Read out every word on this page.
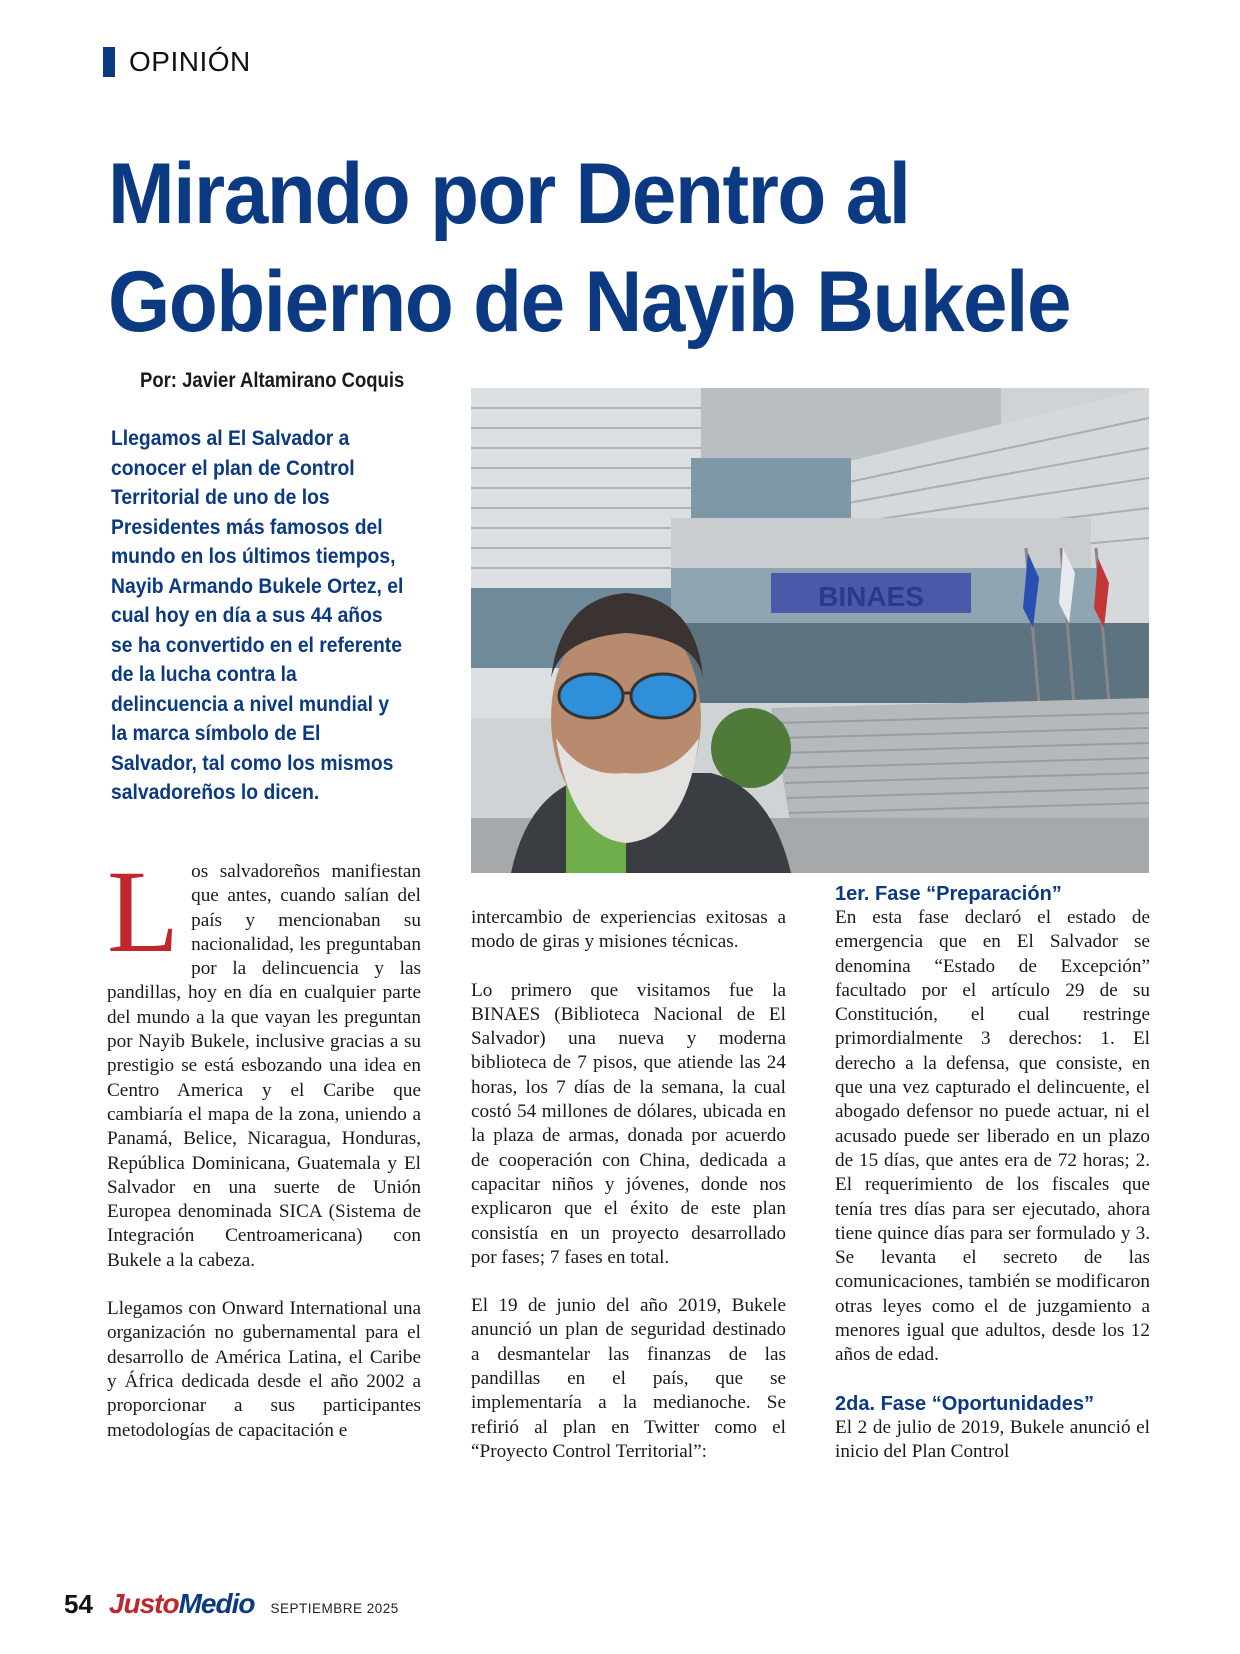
OPINIÓN
Mirando por Dentro al
Gobierno de Nayib Bukele
Por: Javier Altamirano Coquis
Llegamos al El Salvador a conocer el plan de Control Territorial de uno de los Presidentes más famosos del mundo en los últimos tiempos, Nayib Armando Bukele Ortez, el cual hoy en día a sus 44 años se ha convertido en el referente de la lucha contra la delincuencia a nivel mundial y la marca símbolo de El Salvador, tal como los mismos salvadoreños lo dicen.
BINAES
L os salvadoreños manifiestan que antes, cuando salían del país y mencionaban su nacionalidad, les preguntaban por la delincuencia y las pandillas, hoy en día en cualquier parte del mundo a la que vayan les preguntan por Nayib Bukele, inclusive gracias a su prestigio se está esbozando una idea en Centro America y el Caribe que cambiaría el mapa de la zona, uniendo a Panamá, Belice, Nicaragua, Honduras, República Dominicana, Guatemala y El Salvador en una suerte de Unión Europea denominada SICA (Sistema de Integración Centroamericana) con Bukele a la cabeza.

Llegamos con Onward International una organización no gubernamental para el desarrollo de América Latina, el Caribe y África dedicada desde el año 2002 a proporcionar a sus participantes metodologías de capacitación e

intercambio de experiencias exitosas a modo de giras y misiones técnicas.

Lo primero que visitamos fue la BINAES (Biblioteca Nacional de El Salvador) una nueva y moderna biblioteca de 7 pisos, que atiende las 24 horas, los 7 días de la semana, la cual costó 54 millones de dólares, ubicada en la plaza de armas, donada por acuerdo de cooperación con China, dedicada a capacitar niños y jóvenes, donde nos explicaron que el éxito de este plan consistía en un proyecto desarrollado por fases; 7 fases en total.

El 19 de junio del año 2019, Bukele anunció un plan de seguridad destinado a desmantelar las finanzas de las pandillas en el país, que se implementaría a la medianoche. Se refirió al plan en Twitter como el “Proyecto Control Territorial”:

1er. Fase “Preparación”

En esta fase declaró el estado de emergencia que en El Salvador se denomina “Estado de Excepción” facultado por el artículo 29 de su Constitución, el cual restringe primordialmente 3 derechos: 1. El derecho a la defensa, que consiste, en que una vez capturado el delincuente, el abogado defensor no puede actuar, ni el acusado puede ser liberado en un plazo de 15 días, que antes era de 72 horas; 2. El requerimiento de los fiscales que tenía tres días para ser ejecutado, ahora tiene quince días para ser formulado y 3. Se levanta el secreto de las comunicaciones, también se modificaron otras leyes como el de juzgamiento a menores igual que adultos, desde los 12 años de edad.

2da. Fase “Oportunidades”

El 2 de julio de 2019, Bukele anunció el inicio del Plan Control

54 JustoMedio SEPTIEMBRE 2025
